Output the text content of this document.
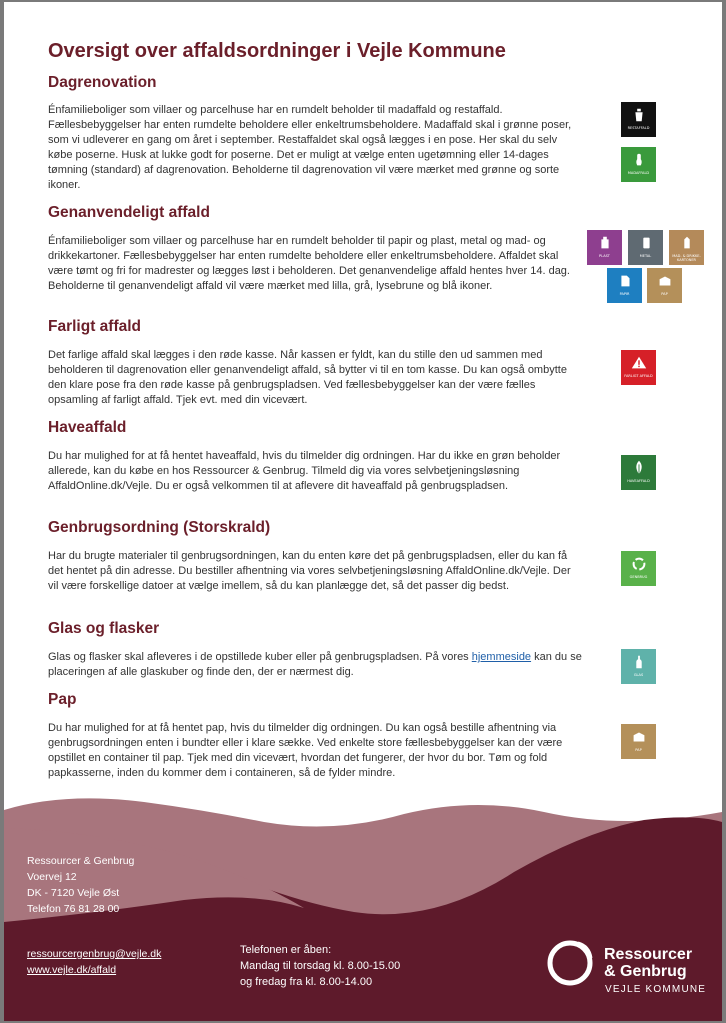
Oversigt over affaldsordninger i Vejle Kommune
Dagrenovation

Énfamilieboliger som villaer og parcelhuse har en rumdelt beholder til madaffald og restaffald. Fællesbebyggelser har enten rumdelte beholdere eller enkeltrumsbeholdere. Madaffald skal i grønne poser, som vi udleverer en gang om året i september. Restaffaldet skal også lægges i en pose. Her skal du selv købe poserne. Husk at lukke godt for poserne. Det er muligt at vælge enten ugetømning eller 14-dages tømning (standard) af dagrenovation. Beholderne til dagrenovation vil være mærket med grønne og sorte ikoner.

RESTAFFALD
MADAFFALD
Genanvendeligt affald

Énfamilieboliger som villaer og parcelhuse har en rumdelt beholder til papir og plast, metal og mad- og drikkekartoner. Fællesbebyggelser har enten rumdelte beholdere eller enkeltrumsbeholdere. Affaldet skal være tømt og fri for madrester og lægges løst i beholderen. Det genanvendelige affald hentes hver 14. dag. Beholderne til genanvendeligt affald vil være mærket med lilla, grå, lysebrune og blå ikoner.

PLAST	METAL	MAD- & DRIKKE-KARTONER
PAPIR	PAP
Farligt affald

Det farlige affald skal lægges i den røde kasse. Når kassen er fyldt, kan du stille den ud sammen med beholderen til dagrenovation eller genanvendeligt affald, så bytter vi til en tom kasse. Du kan også ombytte den klare pose fra den røde kasse på genbrugspladsen. Ved fællesbebyggelser kan der være fælles opsamling af farligt affald. Tjek evt. med din vicevært.

FARLIGT AFFALD
Haveaffald

Du har mulighed for at få hentet haveaffald, hvis du tilmelder dig ordningen. Har du ikke en grøn beholder allerede, kan du købe en hos Ressourcer & Genbrug. Tilmeld dig via vores selvbetjeningsløsning AffaldOnline.dk/Vejle. Du er også velkommen til at aflevere dit haveaffald på genbrugspladsen.	HAVEAFFALD
Genbrugsordning (Storskrald)

Har du brugte materialer til genbrugsordningen, kan du enten køre det på genbrugspladsen, eller du kan få det hentet på din adresse. Du bestiller afhentning via vores selvbetjeningsløsning AffaldOnline.dk/Vejle. Der vil være forskellige datoer at vælge imellem, så du kan planlægge det, så det passer dig bedst.

GENBRUG
Glas og flasker

Glas og flasker skal afleveres i de opstillede kuber eller på genbrugspladsen. På vores hjemmeside kan du se placeringen af alle glaskuber og finde den, der er nærmest dig.	GLAS
Pap

Du har mulighed for at få hentet pap, hvis du tilmelder dig ordningen. Du kan også bestille afhentning via genbrugsordningen enten i bundter eller i klare sække. Ved enkelte store fællesbebyggelser kan der være opstillet en container til pap. Tjek med din vicevært, hvordan det fungerer, der hvor du bor. Tøm og fold papkasserne, inden du kommer dem i containeren, så de fylder mindre.

PAP
Ressourcer & Genbrug
Voervej 12
DK - 7120 Vejle Øst
Telefon 76 81 28 00
ressourcergenbrug@vejle.dk
www.vejle.dk/affald
Telefonen er åben:
Mandag til torsdag kl. 8.00-15.00
og fredag fra kl. 8.00-14.00
Ressourcer
& Genbrug
VEJLE KOMMUNE
